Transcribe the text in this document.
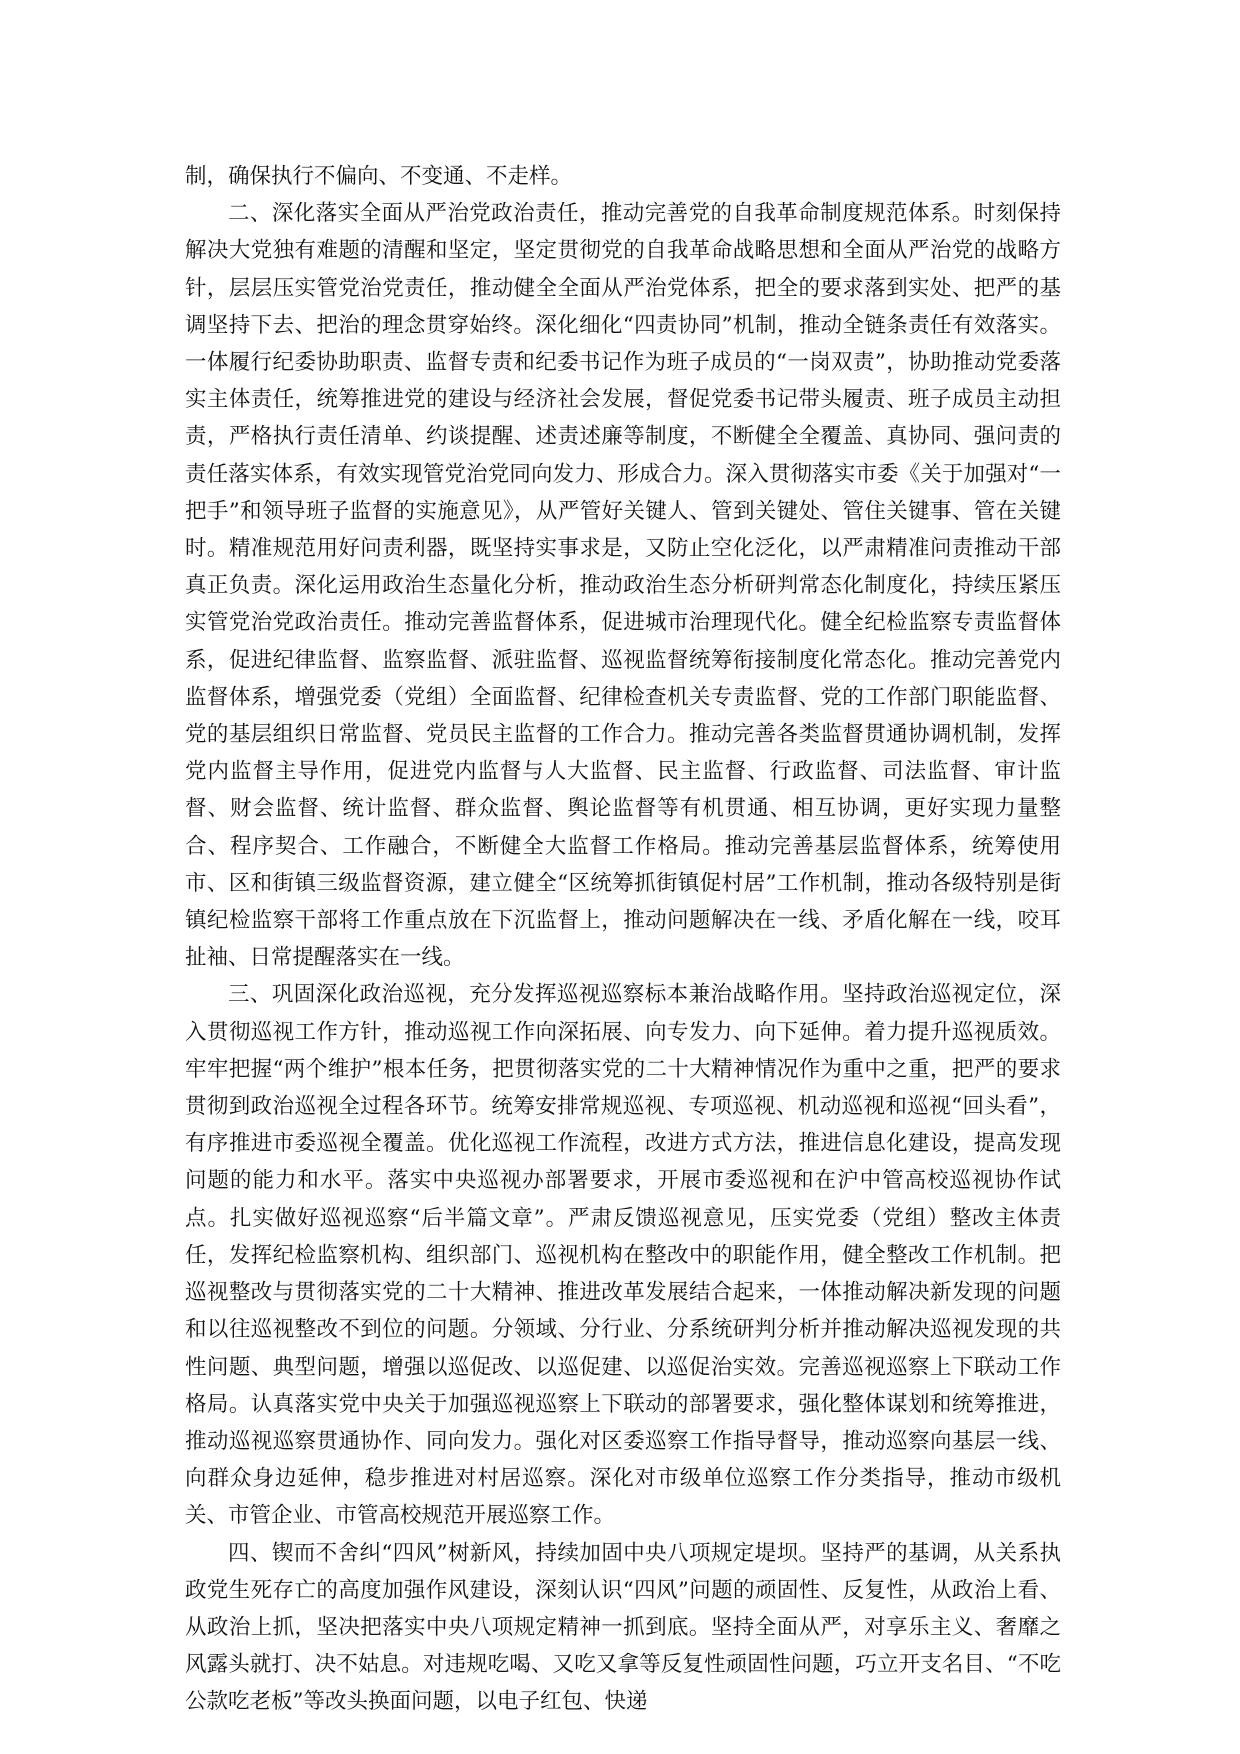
制，确保执行不偏向、不变通、不走样。

二、深化落实全面从严治党政治责任，推动完善党的自我革命制度规范体系。时刻保持解决大党独有难题的清醒和坚定，坚定贯彻党的自我革命战略思想和全面从严治党的战略方针，层层压实管党治党责任，推动健全全面从严治党体系，把全的要求落到实处、把严的基调坚持下去、把治的理念贯穿始终。深化细化“四责协同”机制，推动全链条责任有效落实。一体履行纪委协助职责、监督专责和纪委书记作为班子成员的“一岗双责”，协助推动党委落实主体责任，统筹推进党的建设与经济社会发展，督促党委书记带头履责、班子成员主动担责，严格执行责任清单、约谈提醒、述责述廉等制度，不断健全全覆盖、真协同、强问责的责任落实体系，有效实现管党治党同向发力、形成合力。深入贯彻落实市委《关于加强对“一把手”和领导班子监督的实施意见》，从严管好关键人、管到关键处、管住关键事、管在关键时。精准规范用好问责利器，既坚持实事求是，又防止空化泛化，以严肃精准问责推动干部真正负责。深化运用政治生态量化分析，推动政治生态分析研判常态化制度化，持续压紧压实管党治党政治责任。推动完善监督体系，促进城市治理现代化。健全纪检监察专责监督体系，促进纪律监督、监察监督、派驻监督、巡视监督统筹衔接制度化常态化。推动完善党内监督体系，增强党委（党组）全面监督、纪律检查机关专责监督、党的工作部门职能监督、党的基层组织日常监督、党员民主监督的工作合力。推动完善各类监督贯通协调机制，发挥党内监督主导作用，促进党内监督与人大监督、民主监督、行政监督、司法监督、审计监督、财会监督、统计监督、群众监督、舆论监督等有机贯通、相互协调，更好实现力量整合、程序契合、工作融合，不断健全大监督工作格局。推动完善基层监督体系，统筹使用市、区和街镇三级监督资源，建立健全“区统筹抓街镇促村居”工作机制，推动各级特别是街镇纪检监察干部将工作重点放在下沉监督上，推动问题解决在一线、矛盾化解在一线，咬耳扯袖、日常提醒落实在一线。

三、巩固深化政治巡视，充分发挥巡视巡察标本兼治战略作用。坚持政治巡视定位，深入贯彻巡视工作方针，推动巡视工作向深拓展、向专发力、向下延伸。着力提升巡视质效。牢牢把握“两个维护”根本任务，把贯彻落实党的二十大精神情况作为重中之重，把严的要求贯彻到政治巡视全过程各环节。统筹安排常规巡视、专项巡视、机动巡视和巡视“回头看”，有序推进市委巡视全覆盖。优化巡视工作流程，改进方式方法，推进信息化建设，提高发现问题的能力和水平。落实中央巡视办部署要求，开展市委巡视和在沪中管高校巡视协作试点。扎实做好巡视巡察“后半篇文章”。严肃反馈巡视意见，压实党委（党组）整改主体责任，发挥纪检监察机构、组织部门、巡视机构在整改中的职能作用，健全整改工作机制。把巡视整改与贯彻落实党的二十大精神、推进改革发展结合起来，一体推动解决新发现的问题和以往巡视整改不到位的问题。分领域、分行业、分系统研判分析并推动解决巡视发现的共性问题、典型问题，增强以巡促改、以巡促建、以巡促治实效。完善巡视巡察上下联动工作格局。认真落实党中央关于加强巡视巡察上下联动的部署要求，强化整体谋划和统筹推进，推动巡视巡察贯通协作、同向发力。强化对区委巡察工作指导督导，推动巡察向基层一线、向群众身边延伸，稳步推进对村居巡察。深化对市级单位巡察工作分类指导，推动市级机关、市管企业、市管高校规范开展巡察工作。

四、锲而不舍纠“四风”树新风，持续加固中央八项规定堤坝。坚持严的基调，从关系执政党生死存亡的高度加强作风建设，深刻认识“四风”问题的顽固性、反复性，从政治上看、从政治上抓，坚决把落实中央八项规定精神一抓到底。坚持全面从严，对享乐主义、奢靡之风露头就打、决不姑息。对违规吃喝、又吃又拿等反复性顽固性问题，巧立开支名目、“不吃公款吃老板”等改头换面问题，以电子红包、快递
